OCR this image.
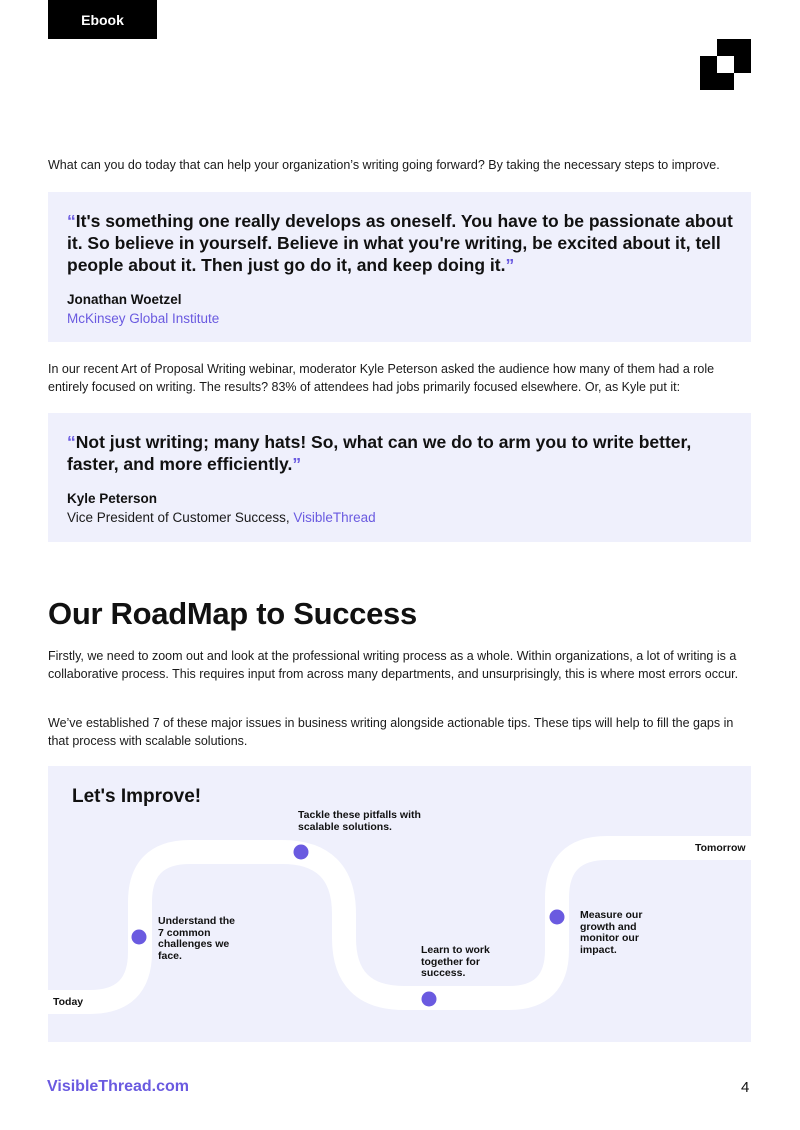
Ebook

What can you do today that can help your organization’s writing going forward? By taking the necessary steps to improve.

“It's something one really develops as oneself. You have to be passionate about it. So believe in yourself. Believe in what you're writing, be excited about it, tell people about it. Then just go do it, and keep doing it.”
Jonathan Woetzel
McKinsey Global Institute

In our recent Art of Proposal Writing webinar, moderator Kyle Peterson asked the audience how many of them had a role entirely focused on writing. The results? 83% of attendees had jobs primarily focused elsewhere. Or, as Kyle put it:

“Not just writing; many hats! So, what can we do to arm you to write better, faster, and more efficiently.”
Kyle Peterson
Vice President of Customer Success, VisibleThread
Our RoadMap to Success

Firstly, we need to zoom out and look at the professional writing process as a whole. Within organizations, a lot of writing is a collaborative process. This requires input from across many departments, and unsurprisingly, this is where most errors occur.

We’ve established 7 of these major issues in business writing alongside actionable tips. These tips will help to fill the gaps in that process with scalable solutions.

Let's Improve!
Today
Tomorrow
Understand the 7 common challenges we face.
Tackle these pitfalls with scalable solutions.
Learn to work together for success.
Measure our growth and monitor our impact.
VisibleThread.com	4
